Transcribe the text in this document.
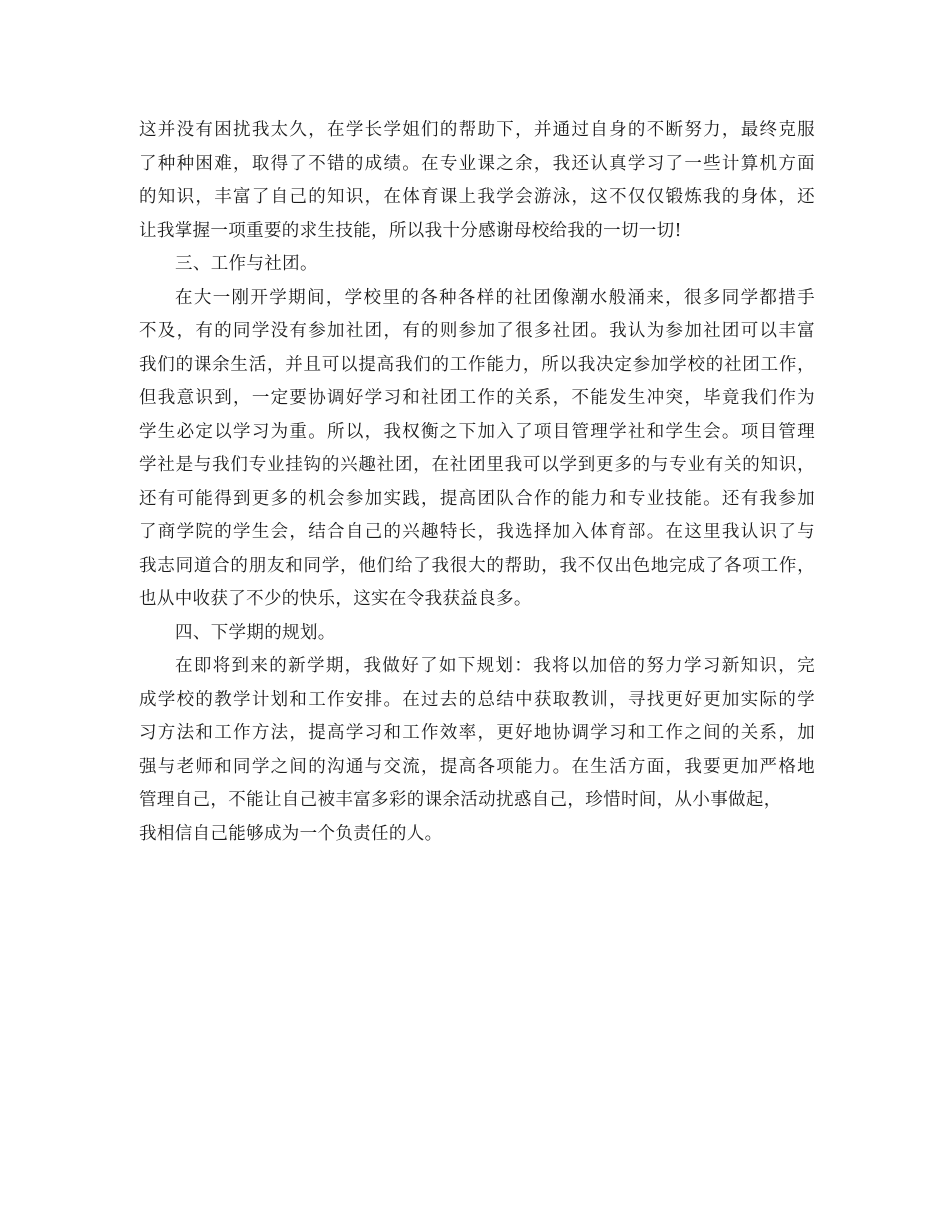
这并没有困扰我太久，在学长学姐们的帮助下，并通过自身的不断努力，最终克服
了种种困难，取得了不错的成绩。在专业课之余，我还认真学习了一些计算机方面
的知识，丰富了自己的知识，在体育课上我学会游泳，这不仅仅锻炼我的身体，还
让我掌握一项重要的求生技能，所以我十分感谢母校给我的一切一切!
三、工作与社团。
在大一刚开学期间，学校里的各种各样的社团像潮水般涌来，很多同学都措手
不及，有的同学没有参加社团，有的则参加了很多社团。我认为参加社团可以丰富
我们的课余生活，并且可以提高我们的工作能力，所以我决定参加学校的社团工作，
但我意识到，一定要协调好学习和社团工作的关系，不能发生冲突，毕竟我们作为
学生必定以学习为重。所以，我权衡之下加入了项目管理学社和学生会。项目管理
学社是与我们专业挂钩的兴趣社团，在社团里我可以学到更多的与专业有关的知识，
还有可能得到更多的机会参加实践，提高团队合作的能力和专业技能。还有我参加
了商学院的学生会，结合自己的兴趣特长，我选择加入体育部。在这里我认识了与
我志同道合的朋友和同学，他们给了我很大的帮助，我不仅出色地完成了各项工作，
也从中收获了不少的快乐，这实在令我获益良多。
四、下学期的规划。
在即将到来的新学期，我做好了如下规划：我将以加倍的努力学习新知识，完
成学校的教学计划和工作安排。在过去的总结中获取教训，寻找更好更加实际的学
习方法和工作方法，提高学习和工作效率，更好地协调学习和工作之间的关系，加
强与老师和同学之间的沟通与交流，提高各项能力。在生活方面，我要更加严格地
管理自己，不能让自己被丰富多彩的课余活动扰惑自己，珍惜时间，从小事做起，
我相信自己能够成为一个负责任的人。
